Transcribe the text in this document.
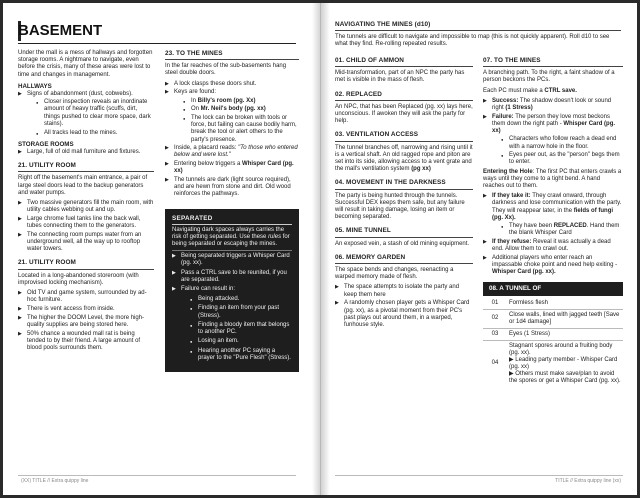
BASEMENT

Under the mall is a mess of hallways and forgotten storage rooms. A nightmare to navigate, even before the crisis, many of these areas were lost to time and changes in management.

HALLWAYS
▶ Signs of abandonment (dust, cobwebs).
● Closer inspection reveals an inordinate amount of heavy traffic (scuffs, dirt, things pushed to clear more space, dark stains).
● All tracks lead to the mines.
STORAGE ROOMS
▶ Large, full of old mall furniture and fixtures.
21. UTILITY ROOM

Right off the basement's main entrance, a pair of large steel doors lead to the backup generators and water pumps.

▶ Two massive generators fill the main room, with utility cables webbing out and up.
▶ Large chrome fuel tanks line the back wall, tubes connecting them to the generators.
▶ The connecting room pumps water from an underground well, all the way up to rooftop water towers.
21. UTILITY ROOM

Located in a long-abandoned storeroom (with improvised locking mechanism).

▶ Old TV and game system, surrounded by ad-hoc furniture.
▶ There is vent access from inside.
▶ The higher the DOOM Level, the more high-quality supplies are being stored here.
▶ 50% chance a wounded mall rat is being tended to by their friend. A large amount of blood pools surrounds them.
23. TO THE MINES

In the far reaches of the sub-basements hang steel double doors.

▶ A lock clasps these doors shut.
▶ Keys are found:
● In Billy's room (pg. Xx)
● On Mr. Neil's body (pg. xx)
● The lock can be broken with tools or force, but failing can cause bodily harm, break the tool or alert others to the party's presence.
▶ Inside, a placard reads: "To those who entered below and were lost."
▶ Entering below triggers a Whisper Card (pg. xx)
▶ The tunnels are dark (light source required), and are hewn from stone and dirt. Old wood reinforces the pathways.
SEPARATED

Navigating dark spaces always carries the risk of getting separated. Use these rules for being separated or escaping the mines.

▶ Being separated triggers a Whisper Card (pg. xx).
▶ Pass a CTRL save to be reunited, if you are separated.
▶ Failure can result in:
● Being attacked.
● Finding an item from your past (Stress).
● Finding a bloody item that belongs to another PC.
● Losing an item.
● Hearing another PC saying a prayer to the "Pure Flesh" (Stress).
(XX) TITLE // Extra quippy line
NAVIGATING THE MINES (d10)

The tunnels are difficult to navigate and impossible to map (this is not quickly apparent). Roll d10 to see what they find. Re-rolling repeated results.

01. CHILD OF AMMON

Mid-transformation, part of an NPC the party has met is visible in the mass of flesh.

02. REPLACED

An NPC, that has been Replaced (pg. xx) lays here, unconscious. If awoken they will ask the party for help.

03. VENTILATION ACCESS

The tunnel branches off, narrowing and rising until it is a vertical shaft. An old ragged rope and piton are set into its side, allowing access to a vent grate and the mall's ventilation system (pg xx)

04. MOVEMENT IN THE DARKNESS

The party is being hunted through the tunnels. Successful DEX keeps them safe, but any failure will result in taking damage, losing an item or becoming separated.

05. MINE TUNNEL

An exposed vein, a stash of old mining equipment.

06. MEMORY GARDEN

The space bends and changes, reenacting a warped memory made of flesh.

▶ The space attempts to isolate the party and keep them here
▶ A randomly chosen player gets a Whisper Card (pg. xx), as a pivotal moment from their PC's past plays out around them, in a warped, funhouse style.
07. TO THE MINES

A branching path. To the right, a faint shadow of a person beckons the PCs.

Each PC must make a CTRL save.

▶ Success: The shadow doesn't look or sound right (1 Stress)
▶ Failure: The person they love most beckons them down the right path - Whisper Card (pg. xx)
● Characters who follow reach a dead end with a narrow hole in the floor.
● Eyes peer out, as the "person" begs them to enter.

Entering the Hole: The first PC that enters crawls a ways until they come to a tight bend. A hand reaches out to them.

▶ If they take it: They crawl onward, through darkness and lose communication with the party. They will reappear later, in the fields of fungi (pg. Xx).
● They have been REPLACED. Hand them the blank Whisper Card
▶ If they refuse: Reveal it was actually a dead end. Allow them to crawl out.
▶ Additional players who enter reach an impassable choke point and need help exiting - Whisper Card (pg. xx).
08. A TUNNEL OF
01	Formless flesh
02	Close walls, lined with jagged teeth [Save or 1d4 damage]
03	Eyes (1 Stress)
04	Stagnant spores around a fruiting body (pg. xx).
▶ Leading party member - Whisper Card (pg. xx)
▶ Others must make save/plan to avoid the spores or get a Whisper Card (pg. xx).
TITLE // Extra quippy line (xx)
